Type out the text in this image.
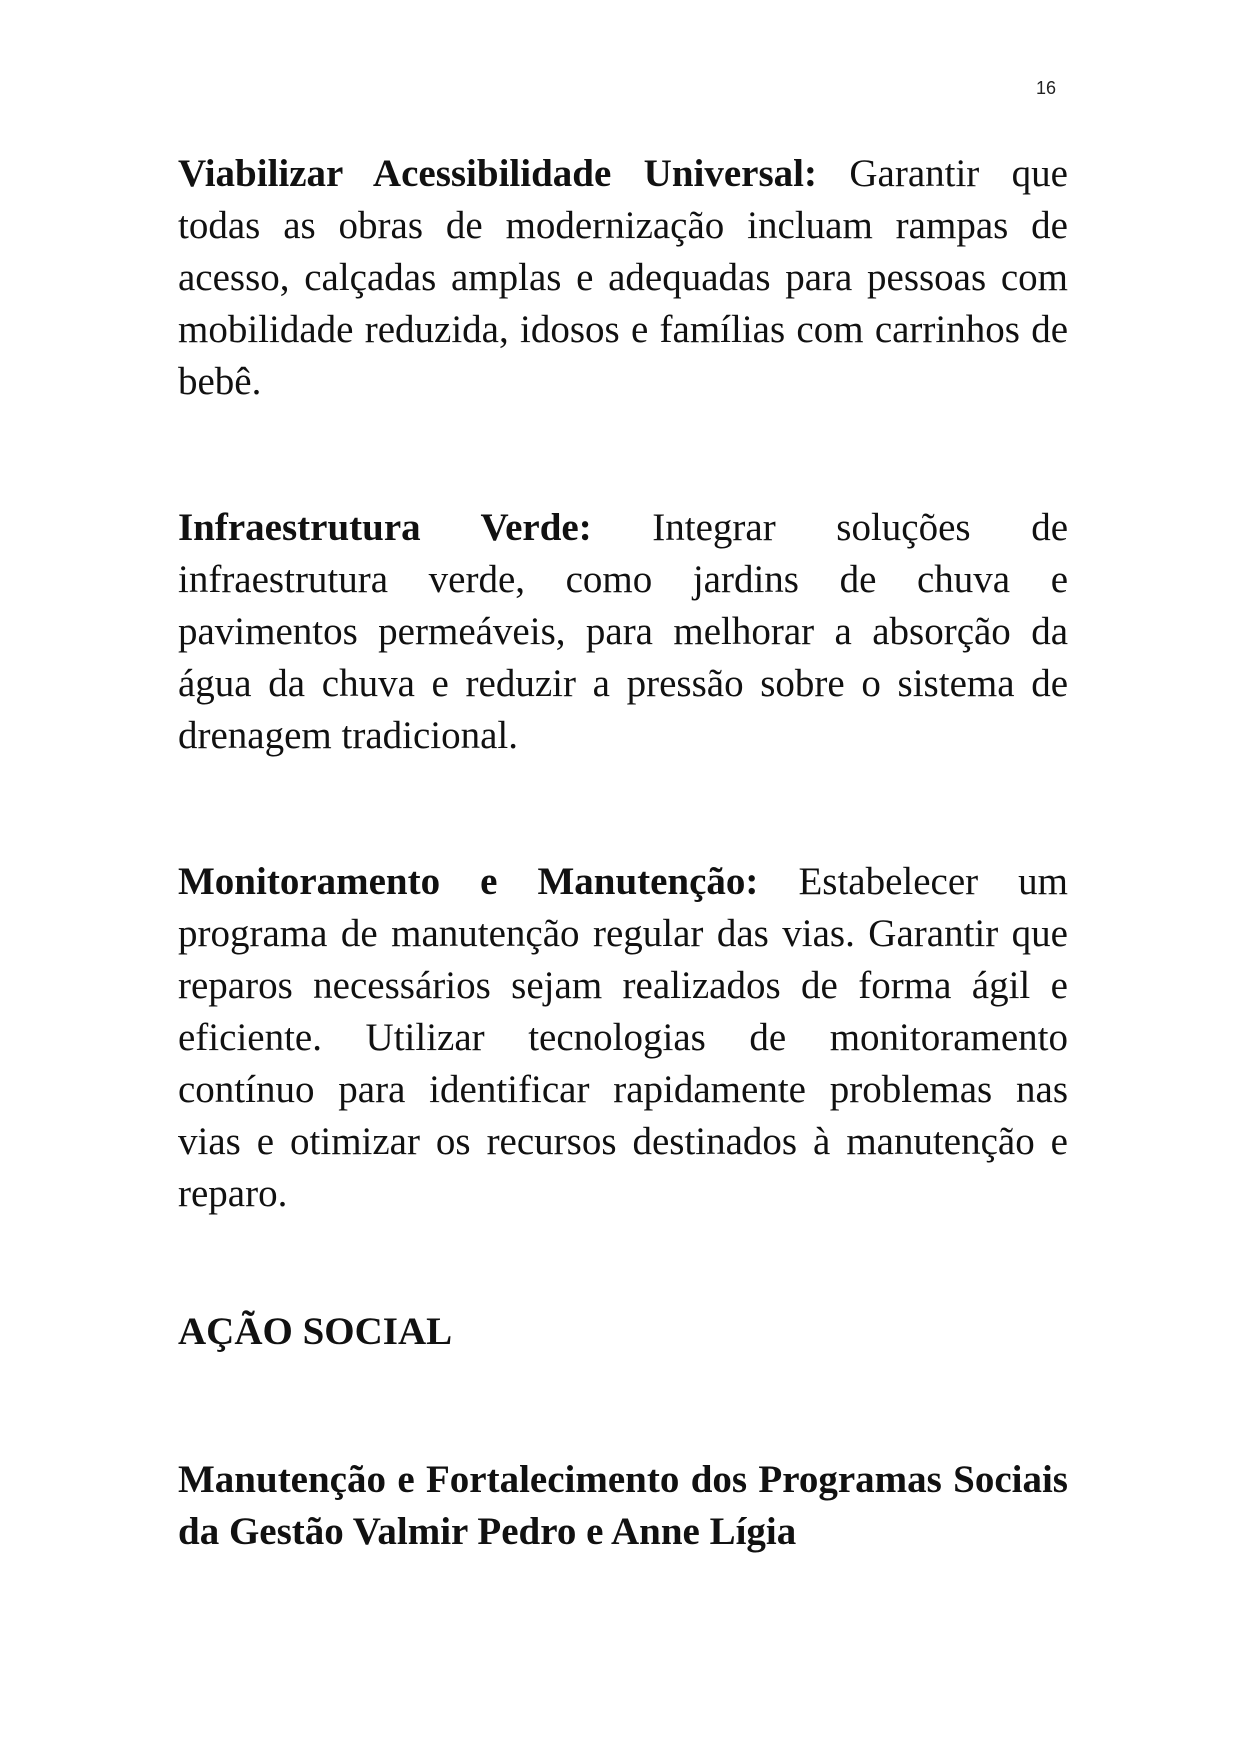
16

Viabilizar Acessibilidade Universal: Garantir que todas as obras de modernização incluam rampas de acesso, calçadas amplas e adequadas para pessoas com mobilidade reduzida, idosos e famílias com carrinhos de bebê.

Infraestrutura Verde: Integrar soluções de infraestrutura verde, como jardins de chuva e pavimentos permeáveis, para melhorar a absorção da água da chuva e reduzir a pressão sobre o sistema de drenagem tradicional.

Monitoramento e Manutenção: Estabelecer um programa de manutenção regular das vias. Garantir que reparos necessários sejam realizados de forma ágil e eficiente. Utilizar tecnologias de monitoramento contínuo para identificar rapidamente problemas nas vias e otimizar os recursos destinados à manutenção e reparo.

AÇÃO SOCIAL
Manutenção e Fortalecimento dos Programas Sociais da Gestão Valmir Pedro e Anne Lígia
